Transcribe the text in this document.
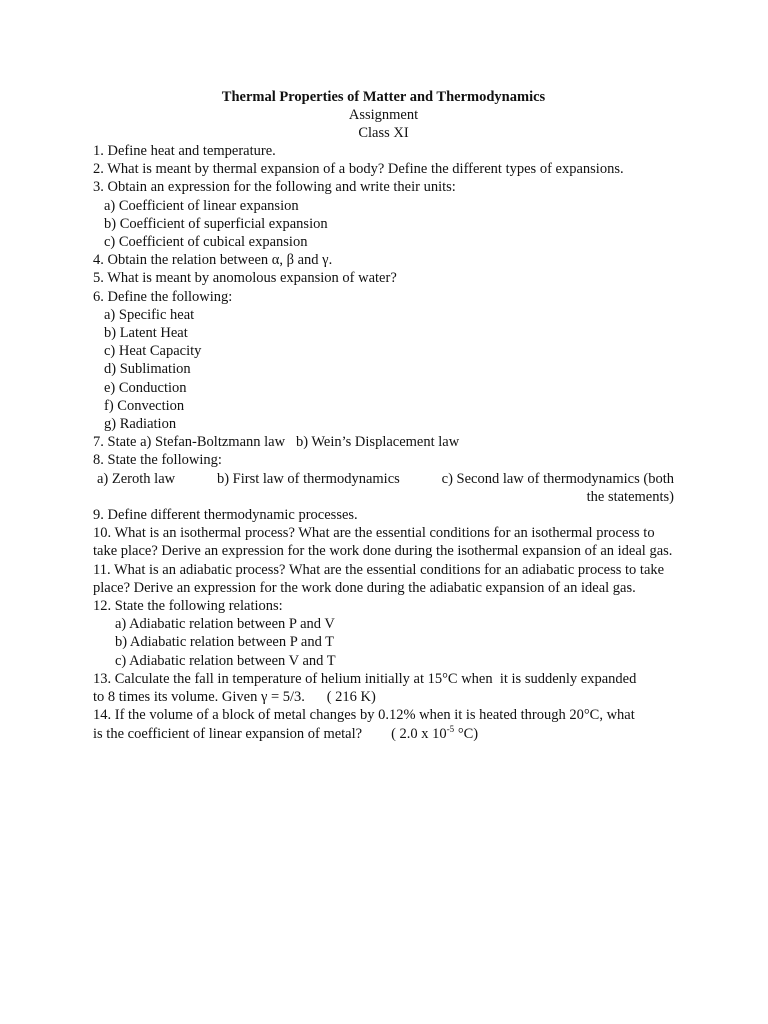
Thermal Properties of Matter and Thermodynamics
Assignment
Class XI
1. Define heat and temperature.
2. What is meant by thermal expansion of a body? Define the different types of expansions.
3. Obtain an expression for the following and write their units:
a) Coefficient of linear expansion
b) Coefficient of superficial expansion
c) Coefficient of cubical expansion
4. Obtain the relation between α, β and γ.
5. What is meant by anomolous expansion of water?
6. Define the following:
a) Specific heat
b) Latent Heat
c) Heat Capacity
d) Sublimation
e) Conduction
f) Convection
g) Radiation
7. State a) Stefan-Boltzmann law   b) Wein’s Displacement law
8. State the following:
a) Zeroth law	b) First law of thermodynamics	c) Second law of thermodynamics (both
the statements)
9. Define different thermodynamic processes.
10. What is an isothermal process? What are the essential conditions for an isothermal process to take place? Derive an expression for the work done during the isothermal expansion of an ideal gas.
11. What is an adiabatic process? What are the essential conditions for an adiabatic process to take place? Derive an expression for the work done during the adiabatic expansion of an ideal gas.
12. State the following relations:
a) Adiabatic relation between P and V
b) Adiabatic relation between P and T
c) Adiabatic relation between V and T
13. Calculate the fall in temperature of helium initially at 15°C when  it is suddenly expanded
to 8 times its volume. Given γ = 5/3. ( 216 K)
14. If the volume of a block of metal changes by 0.12% when it is heated through 20°C, what
is the coefficient of linear expansion of metal? ( 2.0 x $10^{-5}$ °C)
